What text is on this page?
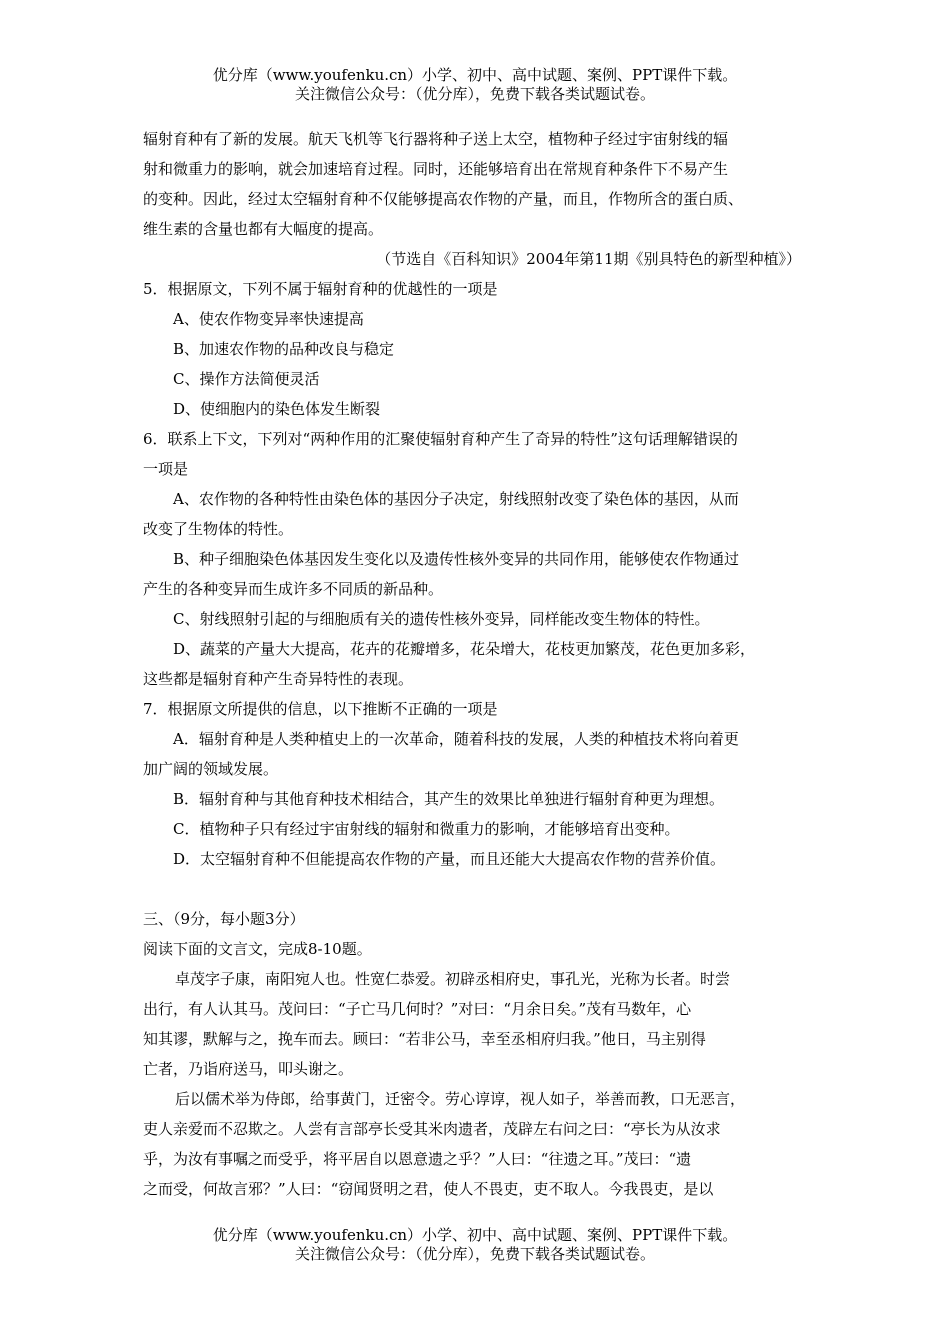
优分库（www.youfenku.cn）小学、初中、高中试题、案例、PPT课件下载。
关注微信公众号：（优分库），免费下载各类试题试卷。

辐射育种有了新的发展。航天飞机等飞行器将种子送上太空，植物种子经过宇宙射线的辐

射和微重力的影响，就会加速培育过程。同时，还能够培育出在常规育种条件下不易产生

的变种。因此，经过太空辐射育种不仅能够提高农作物的产量，而且，作物所含的蛋白质、

维生素的含量也都有大幅度的提高。

（节选自《百科知识》2004年第11期《别具特色的新型种植》）

5．根据原文，下列不属于辐射育种的优越性的一项是

A、使农作物变异率快速提高

B、加速农作物的品种改良与稳定

C、操作方法简便灵活

D、使细胞内的染色体发生断裂

6．联系上下文，下列对“两种作用的汇聚使辐射育种产生了奇异的特性”这句话理解错误的

一项是

A、农作物的各种特性由染色体的基因分子决定，射线照射改变了染色体的基因，从而

改变了生物体的特性。

B、种子细胞染色体基因发生变化以及遗传性核外变异的共同作用，能够使农作物通过

产生的各种变异而生成许多不同质的新品种。

C、射线照射引起的与细胞质有关的遗传性核外变异，同样能改变生物体的特性。

D、蔬菜的产量大大提高，花卉的花瓣增多，花朵增大，花枝更加繁茂，花色更加多彩，

这些都是辐射育种产生奇异特性的表现。

7．根据原文所提供的信息，以下推断不正确的一项是

A．辐射育种是人类种植史上的一次革命，随着科技的发展，人类的种植技术将向着更

加广阔的领域发展。

B．辐射育种与其他育种技术相结合，其产生的效果比单独进行辐射育种更为理想。

C．植物种子只有经过宇宙射线的辐射和微重力的影响，才能够培育出变种。

D．太空辐射育种不但能提高农作物的产量，而且还能大大提高农作物的营养价值。

三、（9分，每小题3分）

阅读下面的文言文，完成8-10题。

卓茂字子康，南阳宛人也。性宽仁恭爱。初辟丞相府史，事孔光，光称为长者。时尝

出行，有人认其马。茂问曰：“子亡马几何时？”对曰：“月余日矣。”茂有马数年，心

知其谬，默解与之，挽车而去。顾曰：“若非公马，幸至丞相府归我。”他日，马主别得

亡者，乃诣府送马，叩头谢之。

后以儒术举为侍郎，给事黄门，迁密令。劳心谆谆，视人如子，举善而教，口无恶言，

吏人亲爱而不忍欺之。人尝有言部亭长受其米肉遗者，茂辟左右问之曰：“亭长为从汝求

乎，为汝有事嘱之而受乎，将平居自以恩意遗之乎？”人曰：“往遗之耳。”茂曰：“遗

之而受，何故言邪？”人曰：“窃闻贤明之君，使人不畏吏，吏不取人。今我畏吏，是以

优分库（www.youfenku.cn）小学、初中、高中试题、案例、PPT课件下载。
关注微信公众号：（优分库），免费下载各类试题试卷。
